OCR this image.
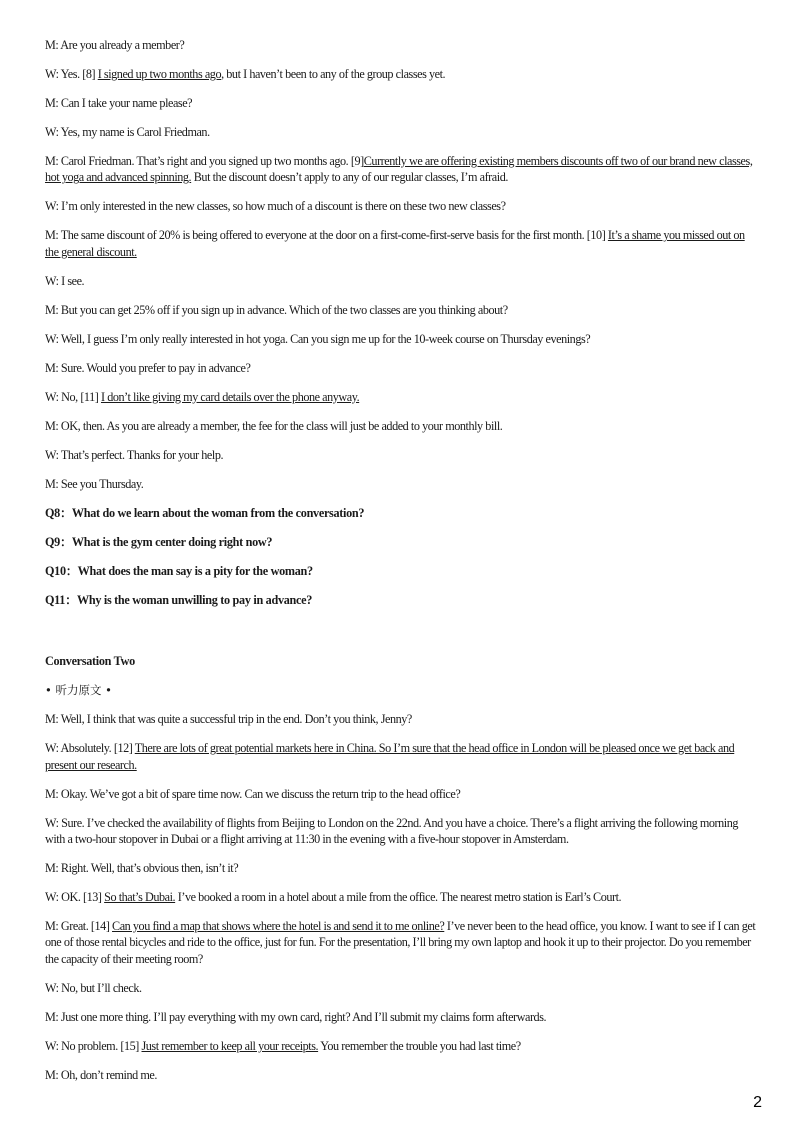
M: Are you already a member?

W: Yes. [8] I signed up two months ago, but I haven’t been to any of the group classes yet.

M: Can I take your name please?

W: Yes, my name is Carol Friedman.

M: Carol Friedman. That’s right and you signed up two months ago. [9]Currently we are offering existing members discounts off two of our brand new classes, hot yoga and advanced spinning. But the discount doesn’t apply to any of our regular classes, I’m afraid.

W: I’m only interested in the new classes, so how much of a discount is there on these two new classes?

M: The same discount of 20% is being offered to everyone at the door on a first-come-first-serve basis for the first month. [10] It’s a shame you missed out on the general discount.

W: I see.

M: But you can get 25% off if you sign up in advance. Which of the two classes are you thinking about?

W: Well, I guess I’m only really interested in hot yoga. Can you sign me up for the 10-week course on Thursday evenings?

M: Sure. Would you prefer to pay in advance?

W: No, [11] I don’t like giving my card details over the phone anyway.

M: OK, then. As you are already a member, the fee for the class will just be added to your monthly bill.

W: That’s perfect. Thanks for your help.

M: See you Thursday.

Q8：What do we learn about the woman from the conversation?

Q9：What is the gym center doing right now?

Q10：What does the man say is a pity for the woman?

Q11：Why is the woman unwilling to pay in advance?

Conversation Two

• 听力原文 •

M: Well, I think that was quite a successful trip in the end. Don’t you think, Jenny?

W: Absolutely. [12] There are lots of great potential markets here in China. So I’m sure that the head office in London will be pleased once we get back and present our research.

M: Okay. We’ve got a bit of spare time now. Can we discuss the return trip to the head office?

W: Sure. I’ve checked the availability of flights from Beijing to London on the 22nd. And you have a choice. There’s a flight arriving the following morning with a two-hour stopover in Dubai or a flight arriving at 11:30 in the evening with a five-hour stopover in Amsterdam.

M: Right. Well, that’s obvious then, isn’t it?

W: OK. [13] So that’s Dubai. I’ve booked a room in a hotel about a mile from the office. The nearest metro station is Earl’s Court.

M: Great. [14] Can you find a map that shows where the hotel is and send it to me online? I’ve never been to the head office, you know. I want to see if I can get one of those rental bicycles and ride to the office, just for fun. For the presentation, I’ll bring my own laptop and hook it up to their projector. Do you remember the capacity of their meeting room?

W: No, but I’ll check.

M: Just one more thing. I’ll pay everything with my own card, right? And I’ll submit my claims form afterwards.

W: No problem. [15] Just remember to keep all your receipts. You remember the trouble you had last time?

M: Oh, don’t remind me.

2
